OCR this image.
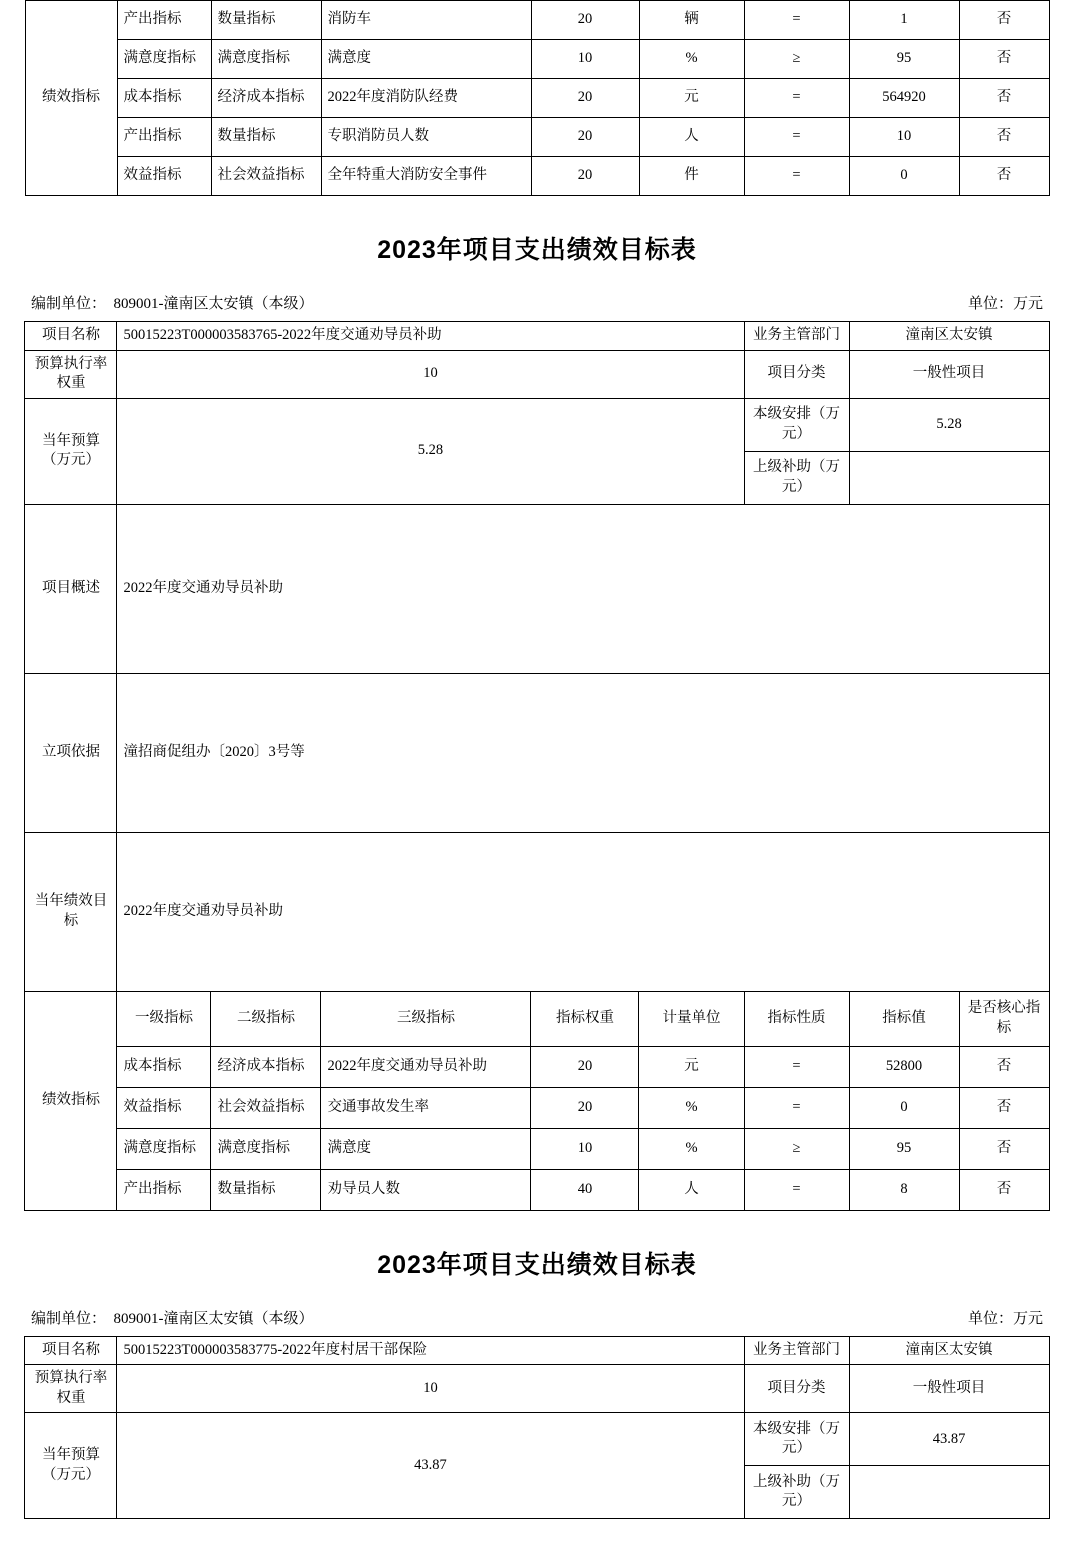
绩效指标	产出指标	数量指标	消防车	20	辆	=	1	否
	满意度指标	满意度指标	满意度	10	%	≥	95	否
	成本指标	经济成本指标	2022年度消防队经费	20	元	=	564920	否
	产出指标	数量指标	专职消防员人数	20	人	=	10	否
	效益指标	社会效益指标	全年特重大消防安全事件	20	件	=	0	否
2023年项目支出绩效目标表
编制单位：  809001-潼南区太安镇（本级）	单位：万元
项目名称	50015223T000003583765-2022年度交通劝导员补助					业务主管部门	潼南区太安镇	
预算执行率权重	10					项目分类	一般性项目	
当年预算（万元）	5.28					本级安排（万元）	5.28	
						上级补助（万元）		
项目概述	2022年度交通劝导员补助							
立项依据	潼招商促组办〔2020〕3号等							
当年绩效目标	2022年度交通劝导员补助							
绩效指标	一级指标	二级指标	三级指标	指标权重	计量单位	指标性质	指标值	是否核心指标
	成本指标	经济成本指标	2022年度交通劝导员补助	20	元	=	52800	否
	效益指标	社会效益指标	交通事故发生率	20	%	=	0	否
	满意度指标	满意度指标	满意度	10	%	≥	95	否
	产出指标	数量指标	劝导员人数	40	人	=	8	否
2023年项目支出绩效目标表
编制单位：  809001-潼南区太安镇（本级）	单位：万元
项目名称	50015223T000003583775-2022年度村居干部保险	业务主管部门	潼南区太安镇
预算执行率权重	10	项目分类	一般性项目
当年预算（万元）	43.87	本级安排（万元）	43.87
		上级补助（万元）	
